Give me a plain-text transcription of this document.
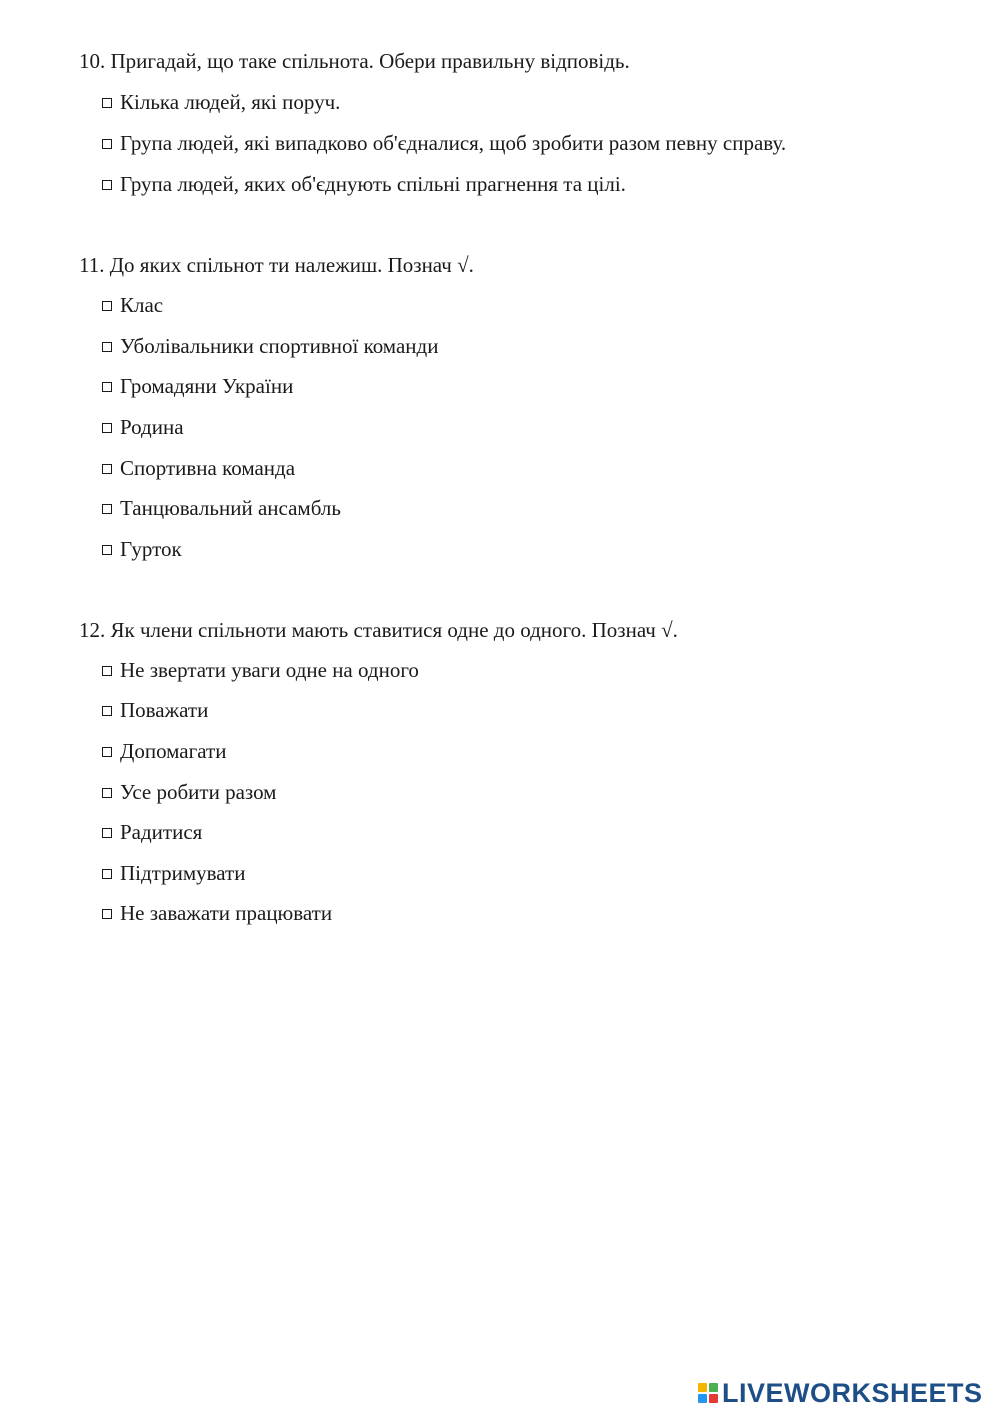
10. Пригадай, що таке спільнота. Обери правильну відповідь.
Кілька людей, які поруч.
Група людей, які випадково об'єдналися, щоб зробити разом певну справу.
Група людей, яких об'єднують спільні прагнення та цілі.
11. До яких спільнот ти належиш. Познач √.
Клас
Уболівальники спортивної команди
Громадяни України
Родина
Спортивна команда
Танцювальний ансамбль
Гурток
12. Як члени спільноти мають ставитися одне до одного. Познач √.
Не звертати уваги одне на одного
Поважати
Допомагати
Усе робити разом
Радитися
Підтримувати
Не заважати працювати
LIVEWORKSHEETS
